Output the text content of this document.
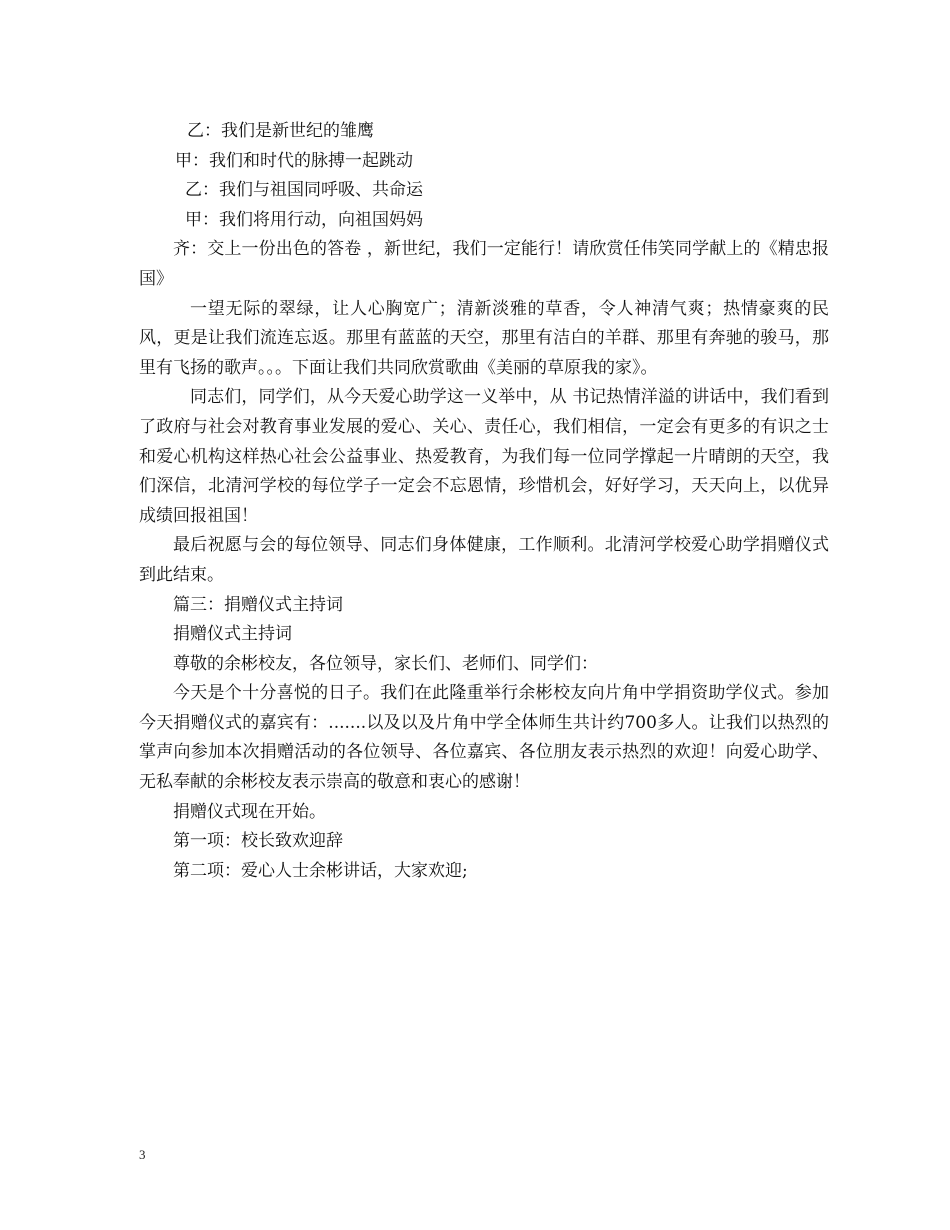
乙：我们是新世纪的雏鹰

甲：我们和时代的脉搏一起跳动

乙：我们与祖国同呼吸、共命运

甲：我们将用行动，向祖国妈妈

齐：交上一份出色的答卷 ，新世纪，我们一定能行！请欣赏任伟笑同学献上的《精忠报国》

一望无际的翠绿，让人心胸宽广；清新淡雅的草香，令人神清气爽；热情豪爽的民风，更是让我们流连忘返。那里有蓝蓝的天空，那里有洁白的羊群、那里有奔驰的骏马，那里有飞扬的歌声。。。下面让我们共同欣赏歌曲《美丽的草原我的家》。

同志们，同学们，从今天爱心助学这一义举中，从 书记热情洋溢的讲话中，我们看到了政府与社会对教育事业发展的爱心、关心、责任心，我们相信，一定会有更多的有识之士和爱心机构这样热心社会公益事业、热爱教育，为我们每一位同学撑起一片晴朗的天空，我们深信，北清河学校的每位学子一定会不忘恩情，珍惜机会，好好学习，天天向上，以优异成绩回报祖国！

最后祝愿与会的每位领导、同志们身体健康，工作顺利。北清河学校爱心助学捐赠仪式到此结束。

篇三：捐赠仪式主持词

捐赠仪式主持词

尊敬的余彬校友，各位领导，家长们、老师们、同学们：

今天是个十分喜悦的日子。我们在此隆重举行余彬校友向片角中学捐资助学仪式。参加今天捐赠仪式的嘉宾有：.......以及以及片角中学全体师生共计约700多人。让我们以热烈的掌声向参加本次捐赠活动的各位领导、各位嘉宾、各位朋友表示热烈的欢迎！向爱心助学、无私奉献的余彬校友表示崇高的敬意和衷心的感谢！

捐赠仪式现在开始。

第一项：校长致欢迎辞

第二项：爱心人士余彬讲话，大家欢迎;

3
